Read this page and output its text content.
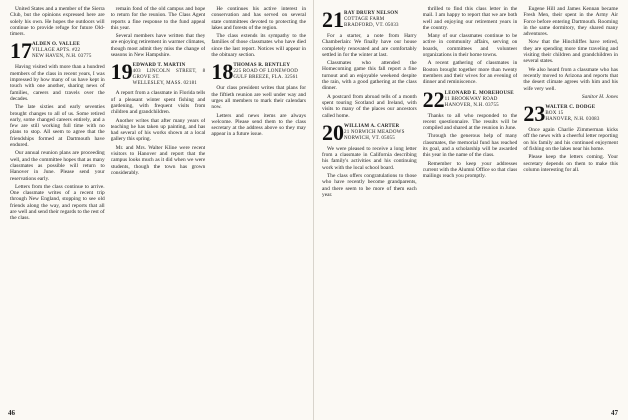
United States and a member of the Sierra Club, but the opinions expressed here are solely his own. He hopes the outdoors will continue to provide refuge for future Old-timers.

17 ALDEN O. VALLEE
VILLAGE APTS. #22
NEW HAVEN, N.H. 03775

Having visited with more than a hundred members of the class in recent years, I was impressed by how many of us have kept in touch with one another, sharing news of families, careers and travels over the decades.

The late sixties and early seventies brought changes to all of us. Some retired early, some changed careers entirely, and a few are still working full time with no plans to stop. All seem to agree that the friendships formed at Dartmouth have endured.

Our annual reunion plans are proceeding well, and the committee hopes that as many classmates as possible will return to Hanover in June. Please send your reservations early.

Letters from the class continue to arrive. One classmate writes of a recent trip through New England, stopping to see old friends along the way, and reports that all are well and send their regards to the rest of the class.

remain fond of the old campus and hope to return for the reunion. The Class Agent reports a fine response to the fund appeal this year.

Several members have written that they are enjoying retirement in warmer climates, though most admit they miss the change of seasons in New Hampshire.

19 EDWARD T. MARTIN
403 LINCOLN STREET, 8 GROVE ST.
WELLESLEY, MASS. 02181

A report from a classmate in Florida tells of a pleasant winter spent fishing and gardening, with frequent visits from children and grandchildren.

Another writes that after many years of teaching he has taken up painting, and has had several of his works shown at a local gallery this spring.

Mr. and Mrs. Walter Kline were recent visitors to Hanover and report that the campus looks much as it did when we were students, though the town has grown considerably.

He continues his active interest in conservation and has served on several state committees devoted to protecting the lakes and forests of the region.

The class extends its sympathy to the families of those classmates who have died since the last report. Notices will appear in the obituary section.

18 THOMAS R. BENTLEY
225 ROAD OF LONEWOOD
GULF BREEZE, FLA. 32561

Our class president writes that plans for the fiftieth reunion are well under way and urges all members to mark their calendars now.

Letters and news items are always welcome. Please send them to the class secretary at the address above so they may appear in a future issue.

46
21 RAY DRURY NELSON
COTTAGE FARM
BRADFORD, VT. 05033

For a starter, a note from Harry Chamberlain: We finally have our house completely renovated and are comfortably settled in for the winter at last.

Classmates who attended the Homecoming game this fall report a fine turnout and an enjoyable weekend despite the rain, with a good gathering at the class dinner.

A postcard from abroad tells of a month spent touring Scotland and Ireland, with visits to many of the places our ancestors called home.

20 WILLIAM A. CARTER
21 NORWICH MEADOWS
NORWICH, VT. 05055

We were pleased to receive a long letter from a classmate in California describing his family's activities and his continuing work with the local school board.

The class offers congratulations to those who have recently become grandparents, and there seem to be more of them each year.

thrilled to find this class letter in the mail. I am happy to report that we are both well and enjoying our retirement years in the country.

Many of our classmates continue to be active in community affairs, serving on boards, committees and volunteer organizations in their home towns.

A recent gathering of classmates in Boston brought together more than twenty members and their wives for an evening of dinner and reminiscence.

22 LEONARD E. MOREHOUSE
11 BROOKWAY ROAD
HANOVER, N.H. 03755

Thanks to all who responded to the recent questionnaire. The results will be compiled and shared at the reunion in June.

Through the generous help of many classmates, the memorial fund has reached its goal, and a scholarship will be awarded this year in the name of the class.

Remember to keep your addresses current with the Alumni Office so that class mailings reach you promptly.

Eugene Hill and James Kennan became Fresh Men, their spent in the Army Air Force before entering Dartmouth. Rooming in the same dormitory, they shared many adventures.

Now that the Hinchliffes have retired, they are spending more time traveling and visiting their children and grandchildren in several states.

We also heard from a classmate who has recently moved to Arizona and reports that the desert climate agrees with him and his wife very well.

Sanitor H. Jones
23 WALTER C. DODGE
BOX 15
HANOVER, N.H. 03083

Once again Charlie Zimmerman kicks off the news with a cheerful letter reporting on his family and his continued enjoyment of fishing on the lakes near his home.

Please keep the letters coming. Your secretary depends on them to make this column interesting for all.

47
